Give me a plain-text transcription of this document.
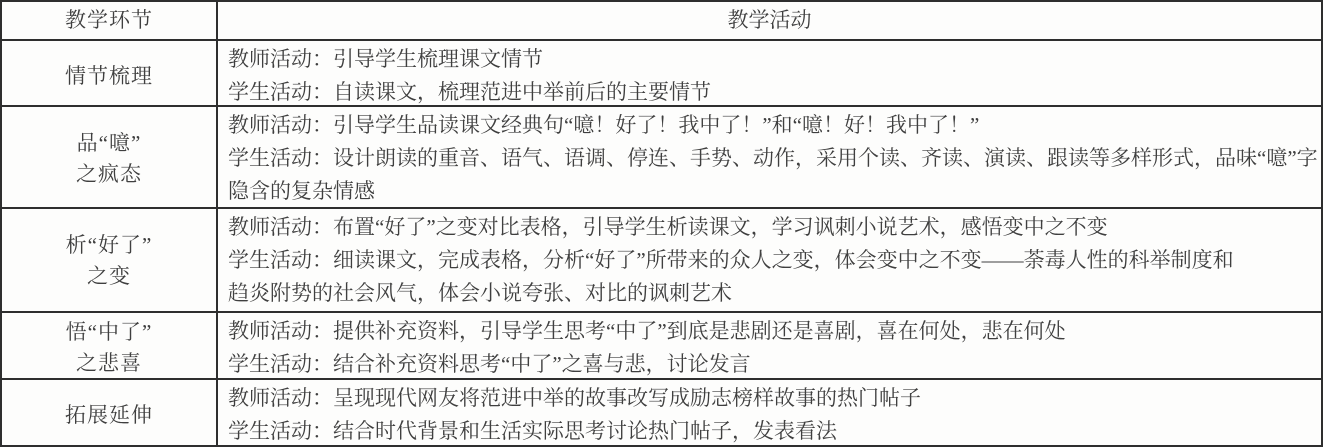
教学环节	教学活动
情节梳理
教师活动：引导学生梳理课文情节
学生活动：自读课文，梳理范进中举前后的主要情节
品“噫”
之疯态
教师活动：引导学生品读课文经典句“噫！好了！我中了！”和“噫！好！我中了！”
学生活动：设计朗读的重音、语气、语调、停连、手势、动作，采用个读、齐读、演读、跟读等多样形式，品味“噫”字
隐含的复杂情感
析“好了”
之变
教师活动：布置“好了”之变对比表格，引导学生析读课文，学习讽刺小说艺术，感悟变中之不变
学生活动：细读课文，完成表格，分析“好了”所带来的众人之变，体会变中之不变——荼毒人性的科举制度和
趋炎附势的社会风气，体会小说夸张、对比的讽刺艺术
悟“中了”
之悲喜
教师活动：提供补充资料，引导学生思考“中了”到底是悲剧还是喜剧，喜在何处，悲在何处
学生活动：结合补充资料思考“中了”之喜与悲，讨论发言
拓展延伸
教师活动：呈现现代网友将范进中举的故事改写成励志榜样故事的热门帖子
学生活动：结合时代背景和生活实际思考讨论热门帖子，发表看法
